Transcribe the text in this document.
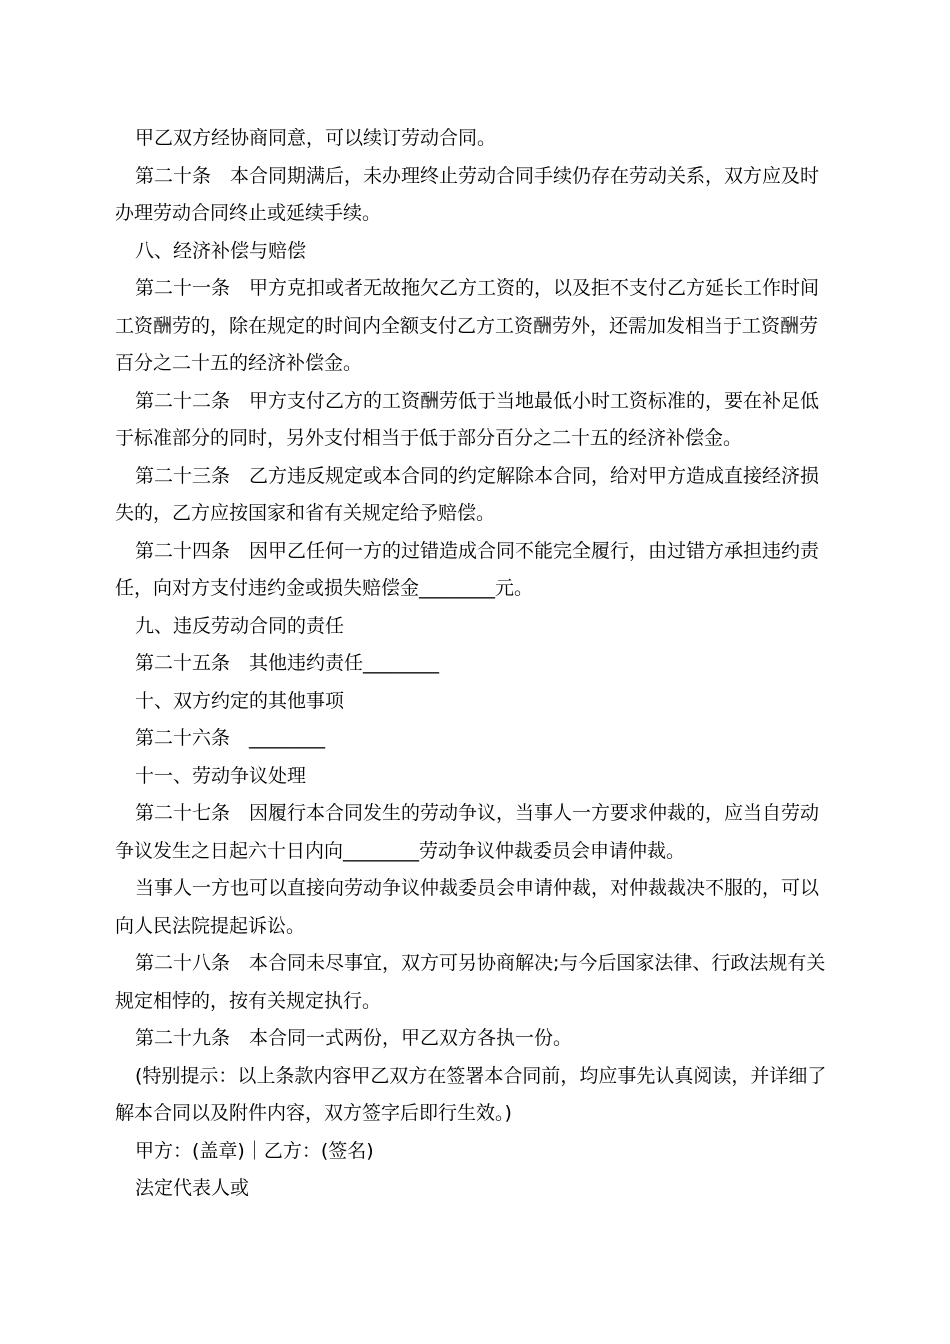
甲乙双方经协商同意，可以续订劳动合同。

第二十条　本合同期满后，未办理终止劳动合同手续仍存在劳动关系，双方应及时办理劳动合同终止或延续手续。

八、经济补偿与赔偿

第二十一条　甲方克扣或者无故拖欠乙方工资的，以及拒不支付乙方延长工作时间工资酬劳的，除在规定的时间内全额支付乙方工资酬劳外，还需加发相当于工资酬劳百分之二十五的经济补偿金。

第二十二条　甲方支付乙方的工资酬劳低于当地最低小时工资标准的，要在补足低于标准部分的同时，另外支付相当于低于部分百分之二十五的经济补偿金。

第二十三条　乙方违反规定或本合同的约定解除本合同，给对甲方造成直接经济损失的，乙方应按国家和省有关规定给予赔偿。

第二十四条　因甲乙任何一方的过错造成合同不能完全履行，由过错方承担违约责任，向对方支付违约金或损失赔偿金________元。

九、违反劳动合同的责任

第二十五条　其他违约责任________

十、双方约定的其他事项

第二十六条　________

十一、劳动争议处理

第二十七条　因履行本合同发生的劳动争议，当事人一方要求仲裁的，应当自劳动争议发生之日起六十日内向________劳动争议仲裁委员会申请仲裁。

当事人一方也可以直接向劳动争议仲裁委员会申请仲裁，对仲裁裁决不服的，可以向人民法院提起诉讼。

第二十八条　本合同未尽事宜，双方可另协商解决;与今后国家法律、行政法规有关规定相悖的，按有关规定执行。

第二十九条　本合同一式两份，甲乙双方各执一份。

(特别提示：以上条款内容甲乙双方在签署本合同前，均应事先认真阅读，并详细了解本合同以及附件内容，双方签字后即行生效。)

甲方：(盖章)｜乙方：(签名)

法定代表人或
